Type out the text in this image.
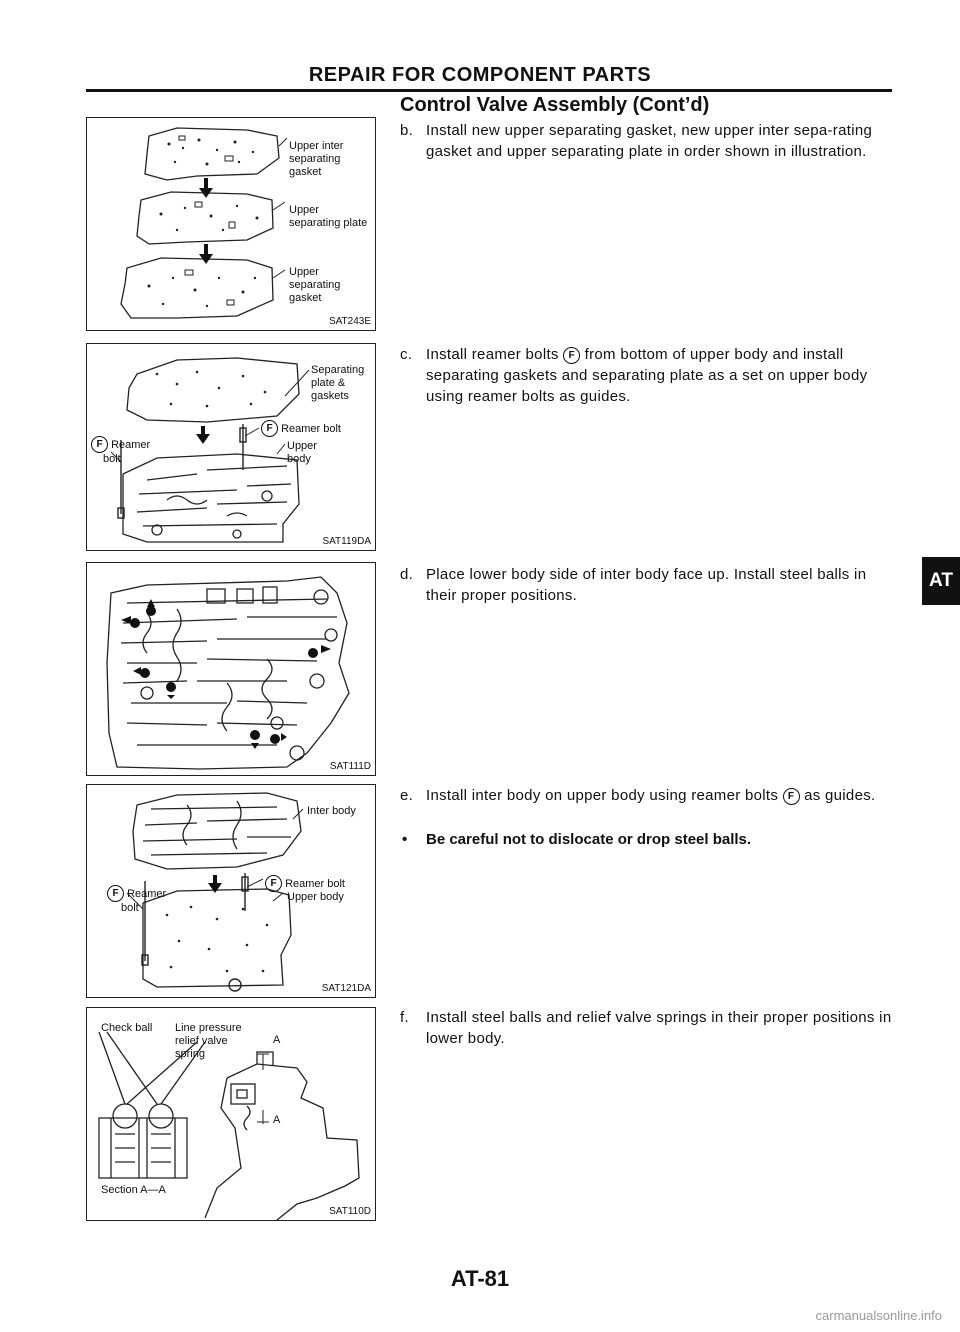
REPAIR FOR COMPONENT PARTS
Control Valve Assembly (Cont’d)
Upper inter
separating
gasket
Upper
separating plate
Upper
separating
gasket
SAT243E
Separating
plate &
gaskets
F Reamer bolt
F Reamer
bolt
Upper
body
SAT119DA
SAT111D
Inter body
F Reamer bolt
Upper body
F Reamer
bolt
SAT121DA
Check ball Line pressure
relief valve
spring
A
A
Section A—A
SAT110D
b. Install new upper separating gasket, new upper inter sepa-rating gasket and upper separating plate in order shown in illustration.
c. Install reamer bolts F from bottom of upper body and install separating gaskets and separating plate as a set on upper body using reamer bolts as guides.
d. Place lower body side of inter body face up. Install steel balls in their proper positions.
e. Install inter body on upper body using reamer bolts F as guides.
• Be careful not to dislocate or drop steel balls.
f. Install steel balls and relief valve springs in their proper positions in lower body.
AT
AT-81
carmanualsonline.info
